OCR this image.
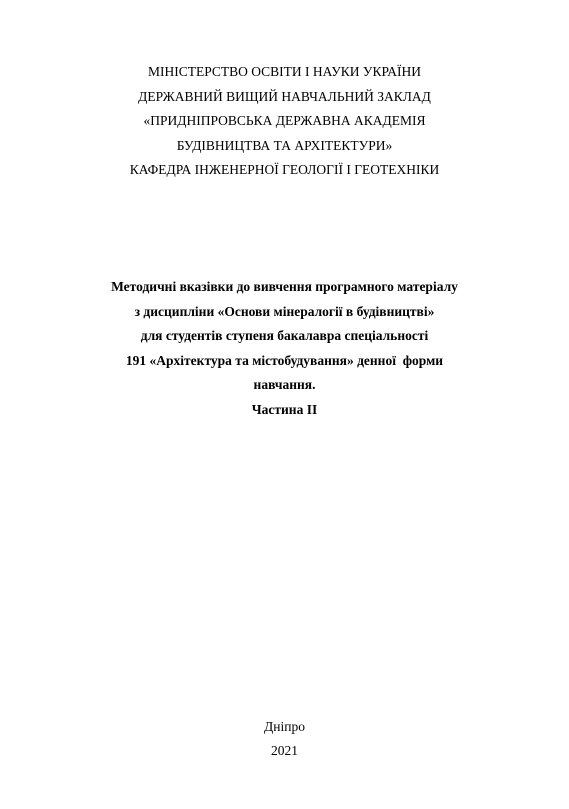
МІНІСТЕРСТВО ОСВІТИ І НАУКИ УКРАЇНИ
ДЕРЖАВНИЙ ВИЩИЙ НАВЧАЛЬНИЙ ЗАКЛАД
«ПРИДНІПРОВСЬКА ДЕРЖАВНА АКАДЕМІЯ
БУДІВНИЦТВА ТА АРХІТЕКТУРИ»
КАФЕДРА ІНЖЕНЕРНОЇ ГЕОЛОГІЇ І ГЕОТЕХНІКИ
Методичні вказівки до вивчення програмного матеріалу
з дисципліни «Основи мінералогії в будівництві»
для студентів ступеня бакалавра спеціальності
191 «Архітектура та містобудування» денної  форми
навчання.
Частина ІІ
Дніпро
2021
